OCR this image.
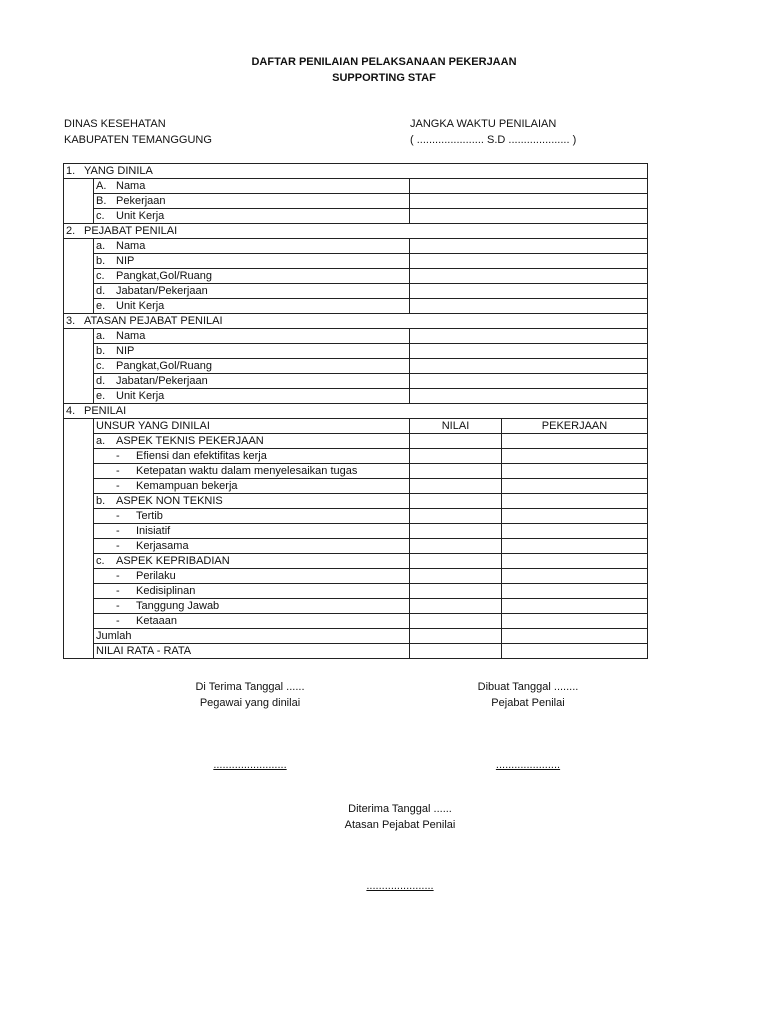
DAFTAR PENILAIAN PELAKSANAAN PEKERJAAN
SUPPORTING STAF
DINAS KESEHATAN
KABUPATEN TEMANGGUNG
JANGKA WAKTU PENILAIAN
( ...................... S.D .................... )
1. YANG DINILA			
	A. Nama		
	B. Pekerjaan		
	c. Unit Kerja		
2. PEJABAT PENILAI			
	a. Nama		
	b. NIP		
	c. Pangkat,Gol/Ruang		
	d. Jabatan/Pekerjaan		
	e. Unit Kerja		
3. ATASAN PEJABAT PENILAI			
	a. Nama		
	b. NIP		
	c. Pangkat,Gol/Ruang		
	d. Jabatan/Pekerjaan		
	e. Unit Kerja		
4. PENILAI			
	UNSUR YANG DINILAI	NILAI	PEKERJAAN
	a. ASPEK TEKNIS PEKERJAAN		
	- Efiensi dan efektifitas kerja		
	- Ketepatan waktu dalam menyelesaikan tugas		
	- Kemampuan bekerja		
	b. ASPEK NON TEKNIS		
	- Tertib		
	- Inisiatif		
	- Kerjasama		
	c. ASPEK KEPRIBADIAN		
	- Perilaku		
	- Kedisiplinan		
	- Tanggung Jawab		
	- Ketaaan		
	Jumlah		
	NILAI RATA - RATA		
Di Terima Tanggal ......
Pegawai yang dinilai
........................
Dibuat Tanggal ........
Pejabat Penilai
.....................
Diterima Tanggal ......
Atasan Pejabat Penilai
......................
